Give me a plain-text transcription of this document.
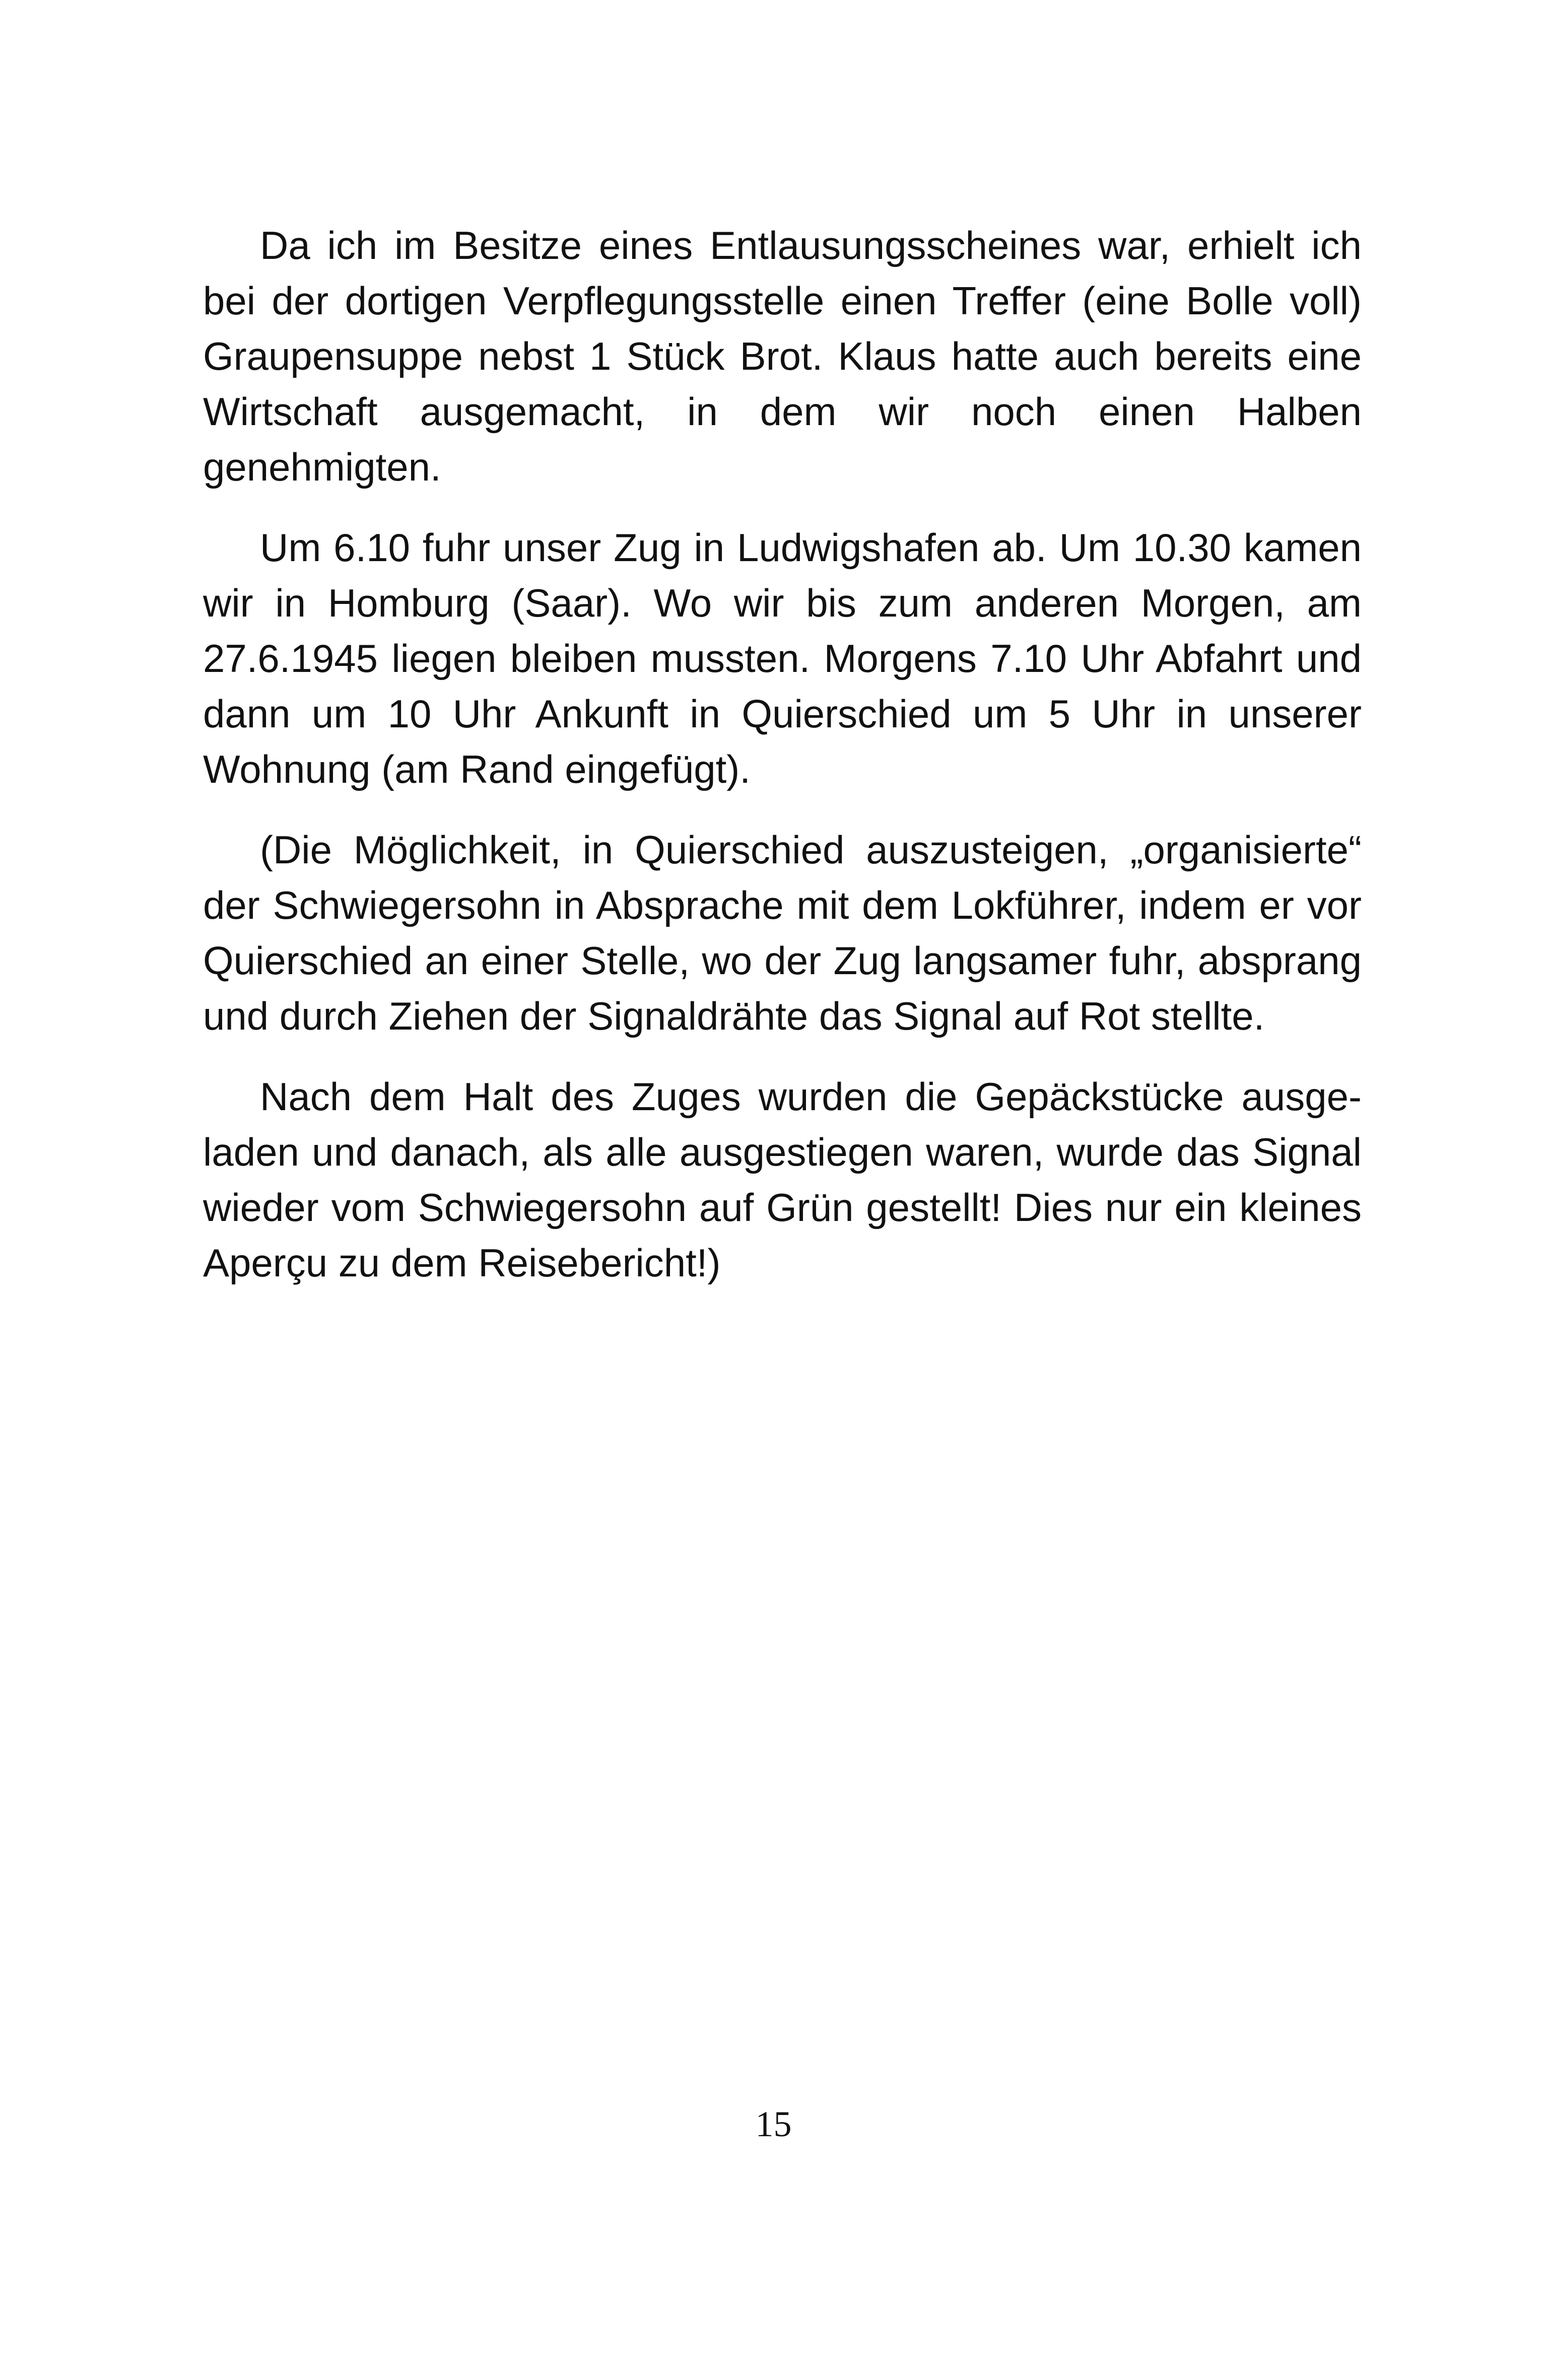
Da ich im Besitze eines Entlausungsscheines war, erhielt ich bei der dortigen Verpflegungsstelle einen Treffer (eine Bolle voll) Graupensuppe nebst 1 Stück Brot. Klaus hatte auch bereits eine Wirtschaft ausgemacht, in dem wir noch einen Halben genehmigten.

Um 6.10 fuhr unser Zug in Ludwigshafen ab. Um 10.30 kamen wir in Homburg (Saar). Wo wir bis zum anderen Morgen, am 27.6.1945 liegen bleiben mussten. Morgens 7.10 Uhr Abfahrt und dann um 10 Uhr Ankunft in Quierschied um 5 Uhr in unserer Wohnung (am Rand eingefügt).

(Die Möglichkeit, in Quierschied auszusteigen, „organisierte“ der Schwiegersohn in Absprache mit dem Lokführer, indem er vor Quierschied an einer Stelle, wo der Zug langsamer fuhr, absprang und durch Ziehen der Signaldrähte das Signal auf Rot stellte.

Nach dem Halt des Zuges wurden die Gepäckstücke ausgeladen und danach, als alle ausgestiegen waren, wurde das Signal wieder vom Schwiegersohn auf Grün gestellt! Dies nur ein kleines Aperçu zu dem Reisebericht!)

15
